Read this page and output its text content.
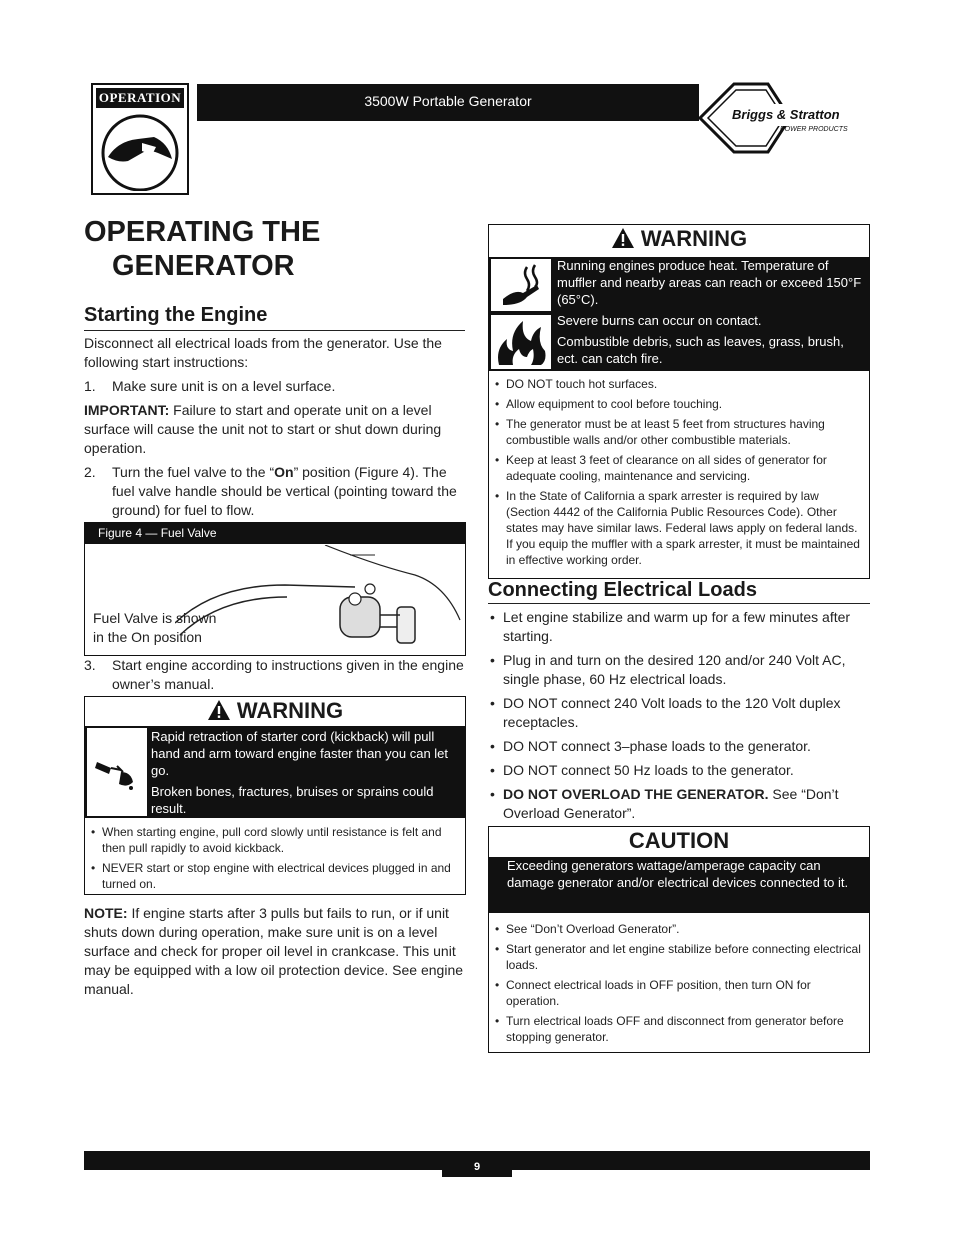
OPERATION	3500W Portable Generator
Briggs & Stratton
POWER PRODUCTS
OPERATING THE
GENERATOR
Starting the Engine
Disconnect all electrical loads from the generator. Use the following start instructions:
1.	Make sure unit is on a level surface.
IMPORTANT: Failure to start and operate unit on a level surface will cause the unit not to start or shut down during operation.
2.	Turn the fuel valve to the “On” position (Figure 4). The fuel valve handle should be vertical (pointing toward the ground) for fuel to flow.
Figure 4 — Fuel Valve
Fuel Valve is shown
in the On position
3.	Start engine according to instructions given in the engine owner’s manual.
WARNING
Rapid retraction of starter cord (kickback) will pull hand and arm toward engine faster than you can let go.
Broken bones, fractures, bruises or sprains could result.
• When starting engine, pull cord slowly until resistance is felt and then pull rapidly to avoid kickback.
• NEVER start or stop engine with electrical devices plugged in and turned on.
NOTE: If engine starts after 3 pulls but fails to run, or if unit shuts down during operation, make sure unit is on a level surface and check for proper oil level in crankcase. This unit may be equipped with a low oil protection device. See engine manual.
WARNING
Running engines produce heat. Temperature of muffler and nearby areas can reach or exceed 150°F (65°C).
Severe burns can occur on contact.
Combustible debris, such as leaves, grass, brush, ect. can catch fire.
• DO NOT touch hot surfaces.
• Allow equipment to cool before touching.
• The generator must be at least 5 feet from structures having combustible walls and/or other combustible materials.
• Keep at least 3 feet of clearance on all sides of generator for adequate cooling, maintenance and servicing.
• In the State of California a spark arrester is required by law (Section 4442 of the California Public Resources Code). Other states may have similar laws. Federal laws apply on federal lands. If you equip the muffler with a spark arrester, it must be maintained in effective working order.
Connecting Electrical Loads
• Let engine stabilize and warm up for a few minutes after starting.
• Plug in and turn on the desired 120 and/or 240 Volt AC, single phase, 60 Hz electrical loads.
• DO NOT connect 240 Volt loads to the 120 Volt duplex receptacles.
• DO NOT connect 3–phase loads to the generator.
• DO NOT connect 50 Hz loads to the generator.
• DO NOT OVERLOAD THE GENERATOR. See “Don’t Overload Generator”.
CAUTION
Exceeding generators wattage/amperage capacity can damage generator and/or electrical devices connected to it.
• See “Don’t Overload Generator”.
• Start generator and let engine stabilize before connecting electrical loads.
• Connect electrical loads in OFF position, then turn ON for operation.
• Turn electrical loads OFF and disconnect from generator before stopping generator.
9
